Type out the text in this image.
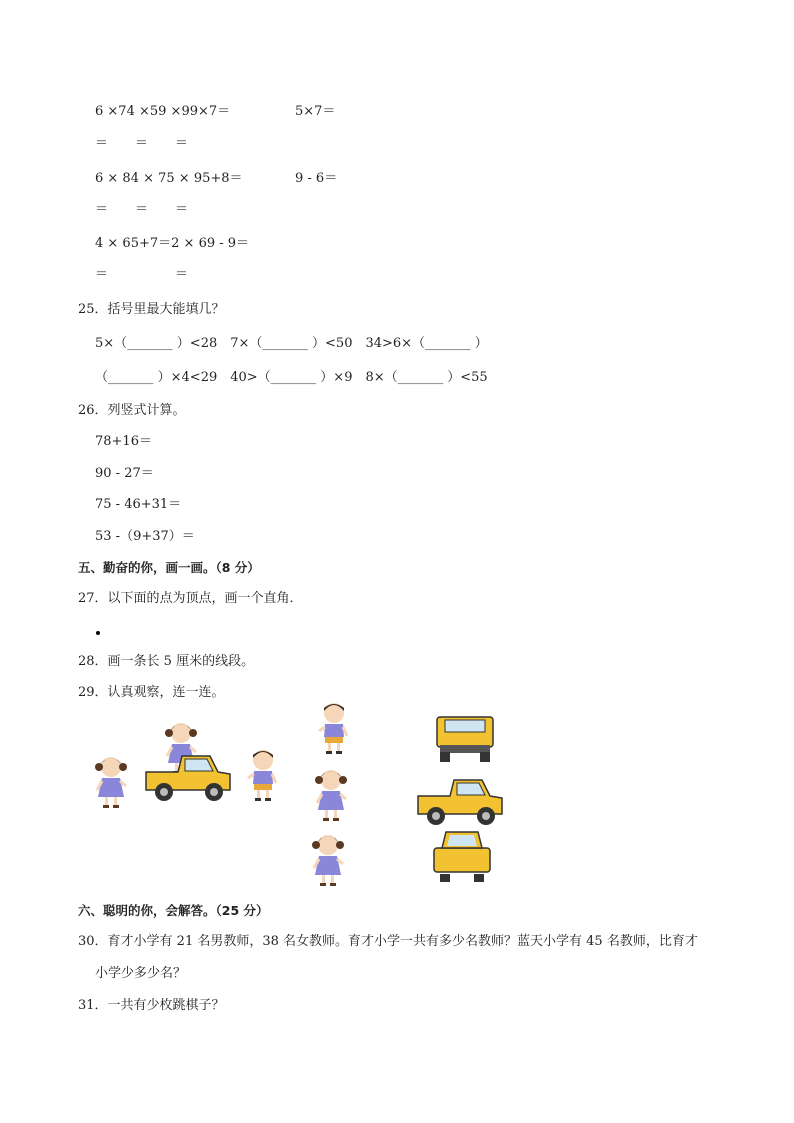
6 ×74 ×59 ×99×7＝	5×7＝
＝ ＝ ＝
6 × 84 × 75 × 95+8＝	9 - 6＝
＝ ＝ ＝
4 × 65+7＝2 × 69 - 9＝
＝	＝
25．括号里最大能填几？
5×（_______ ）<28　7×（_______ ）<50　34>6×（_______ ）
（_______ ）×4<29　40>（_______ ）×9　8×（_______ ）<55
26．列竖式计算。
78+16＝
90 - 27＝
75 - 46+31＝
53 -（9+37）＝
五、勤奋的你，画一画。（8 分）
27．以下面的点为顶点，画一个直角．
28．画一条长 5 厘米的线段。
29．认真观察，连一连。
六、聪明的你，会解答。（25 分）
30．育才小学有 21 名男教师，38 名女教师。育才小学一共有多少名教师？蓝天小学有 45 名教师，比育才
小学少多少名？
31．一共有少枚跳棋子？
